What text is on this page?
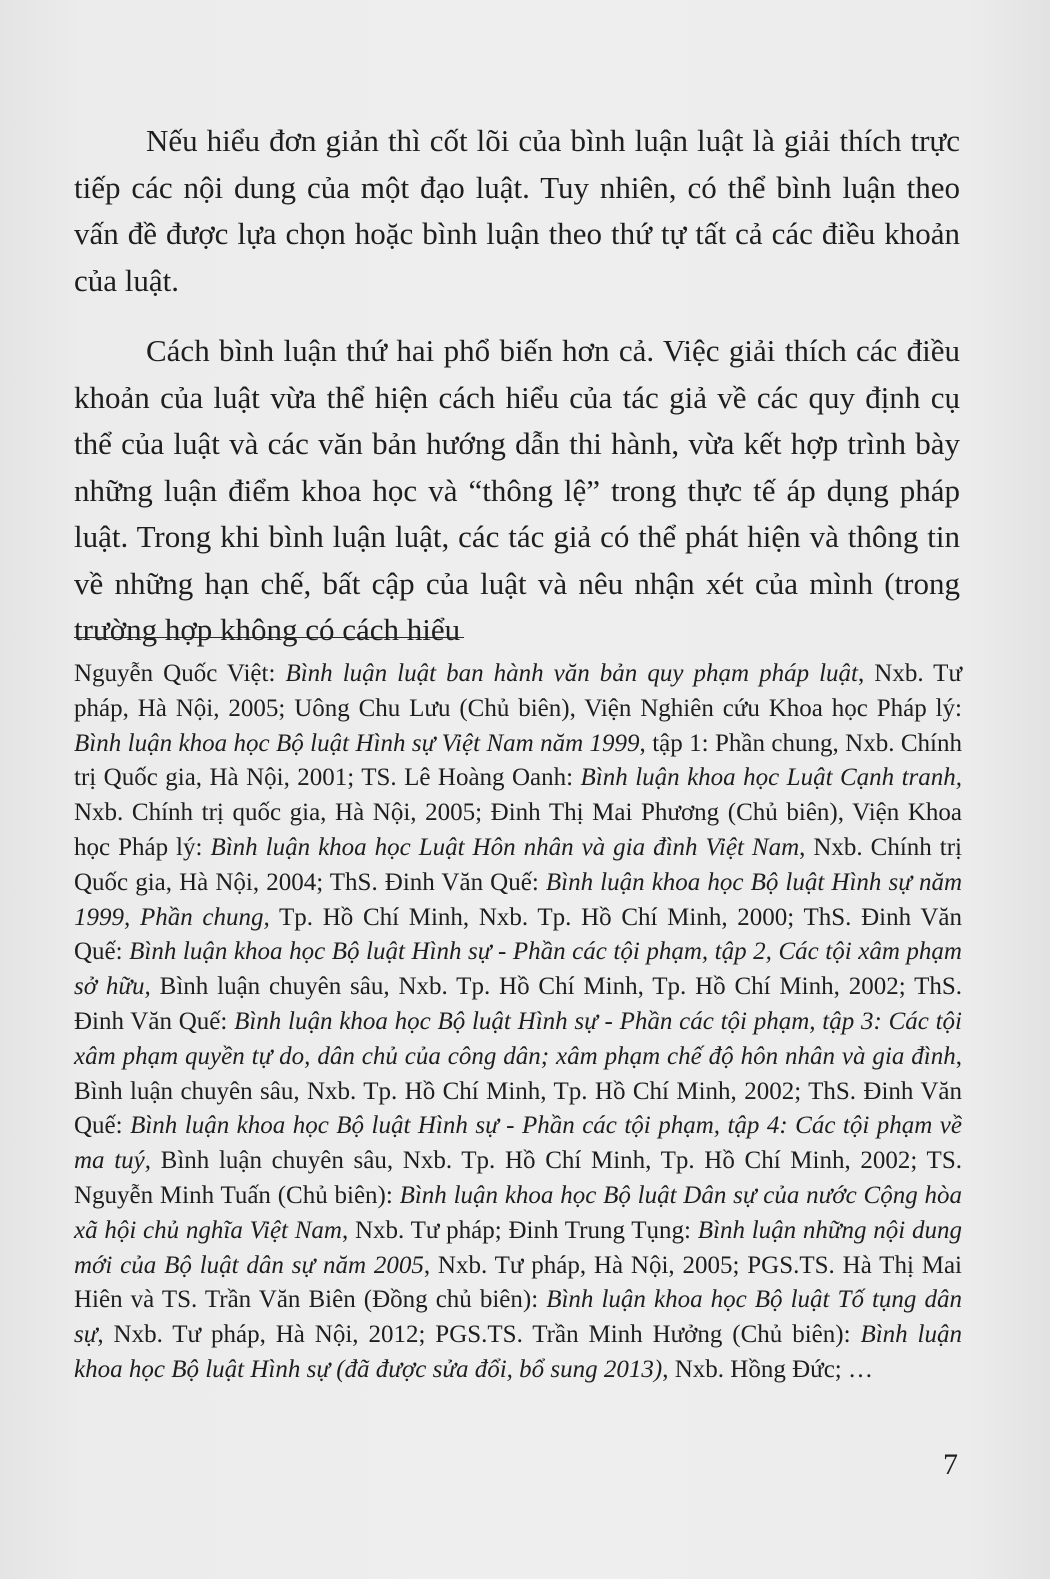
Nếu hiểu đơn giản thì cốt lõi của bình luận luật là giải thích trực tiếp các nội dung của một đạo luật. Tuy nhiên, có thể bình luận theo vấn đề được lựa chọn hoặc bình luận theo thứ tự tất cả các điều khoản của luật.

Cách bình luận thứ hai phổ biến hơn cả. Việc giải thích các điều khoản của luật vừa thể hiện cách hiểu của tác giả về các quy định cụ thể của luật và các văn bản hướng dẫn thi hành, vừa kết hợp trình bày những luận điểm khoa học và “thông lệ” trong thực tế áp dụng pháp luật. Trong khi bình luận luật, các tác giả có thể phát hiện và thông tin về những hạn chế, bất cập của luật và nêu nhận xét của mình (trong trường hợp không có cách hiểu

Nguyễn Quốc Việt: Bình luận luật ban hành văn bản quy phạm pháp luật, Nxb. Tư pháp, Hà Nội, 2005; Uông Chu Lưu (Chủ biên), Viện Nghiên cứu Khoa học Pháp lý: Bình luận khoa học Bộ luật Hình sự Việt Nam năm 1999, tập 1: Phần chung, Nxb. Chính trị Quốc gia, Hà Nội, 2001; TS. Lê Hoàng Oanh: Bình luận khoa học Luật Cạnh tranh, Nxb. Chính trị quốc gia, Hà Nội, 2005; Đinh Thị Mai Phương (Chủ biên), Viện Khoa học Pháp lý: Bình luận khoa học Luật Hôn nhân và gia đình Việt Nam, Nxb. Chính trị Quốc gia, Hà Nội, 2004; ThS. Đinh Văn Quế: Bình luận khoa học Bộ luật Hình sự năm 1999, Phần chung, Tp. Hồ Chí Minh, Nxb. Tp. Hồ Chí Minh, 2000; ThS. Đinh Văn Quế: Bình luận khoa học Bộ luật Hình sự - Phần các tội phạm, tập 2, Các tội xâm phạm sở hữu, Bình luận chuyên sâu, Nxb. Tp. Hồ Chí Minh, Tp. Hồ Chí Minh, 2002; ThS. Đinh Văn Quế: Bình luận khoa học Bộ luật Hình sự - Phần các tội phạm, tập 3: Các tội xâm phạm quyền tự do, dân chủ của công dân; xâm phạm chế độ hôn nhân và gia đình, Bình luận chuyên sâu, Nxb. Tp. Hồ Chí Minh, Tp. Hồ Chí Minh, 2002; ThS. Đinh Văn Quế: Bình luận khoa học Bộ luật Hình sự - Phần các tội phạm, tập 4: Các tội phạm về ma tuý, Bình luận chuyên sâu, Nxb. Tp. Hồ Chí Minh, Tp. Hồ Chí Minh, 2002; TS. Nguyễn Minh Tuấn (Chủ biên): Bình luận khoa học Bộ luật Dân sự của nước Cộng hòa xã hội chủ nghĩa Việt Nam, Nxb. Tư pháp; Đinh Trung Tụng: Bình luận những nội dung mới của Bộ luật dân sự năm 2005, Nxb. Tư pháp, Hà Nội, 2005; PGS.TS. Hà Thị Mai Hiên và TS. Trần Văn Biên (Đồng chủ biên): Bình luận khoa học Bộ luật Tố tụng dân sự, Nxb. Tư pháp, Hà Nội, 2012; PGS.TS. Trần Minh Hưởng (Chủ biên): Bình luận khoa học Bộ luật Hình sự (đã được sửa đổi, bổ sung 2013), Nxb. Hồng Đức; …

7
